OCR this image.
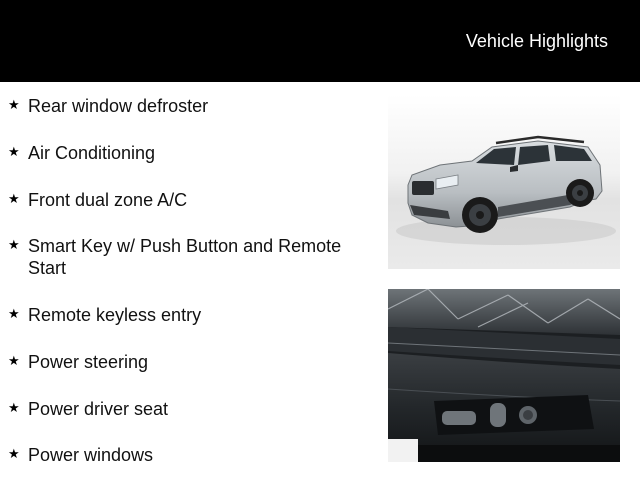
Vehicle Highlights
★ Rear window defroster
★ Air Conditioning
★ Front dual zone A/C
★ Smart Key w/ Push Button and Remote Start
★ Remote keyless entry
★ Power steering
★ Power driver seat
★ Power windows
